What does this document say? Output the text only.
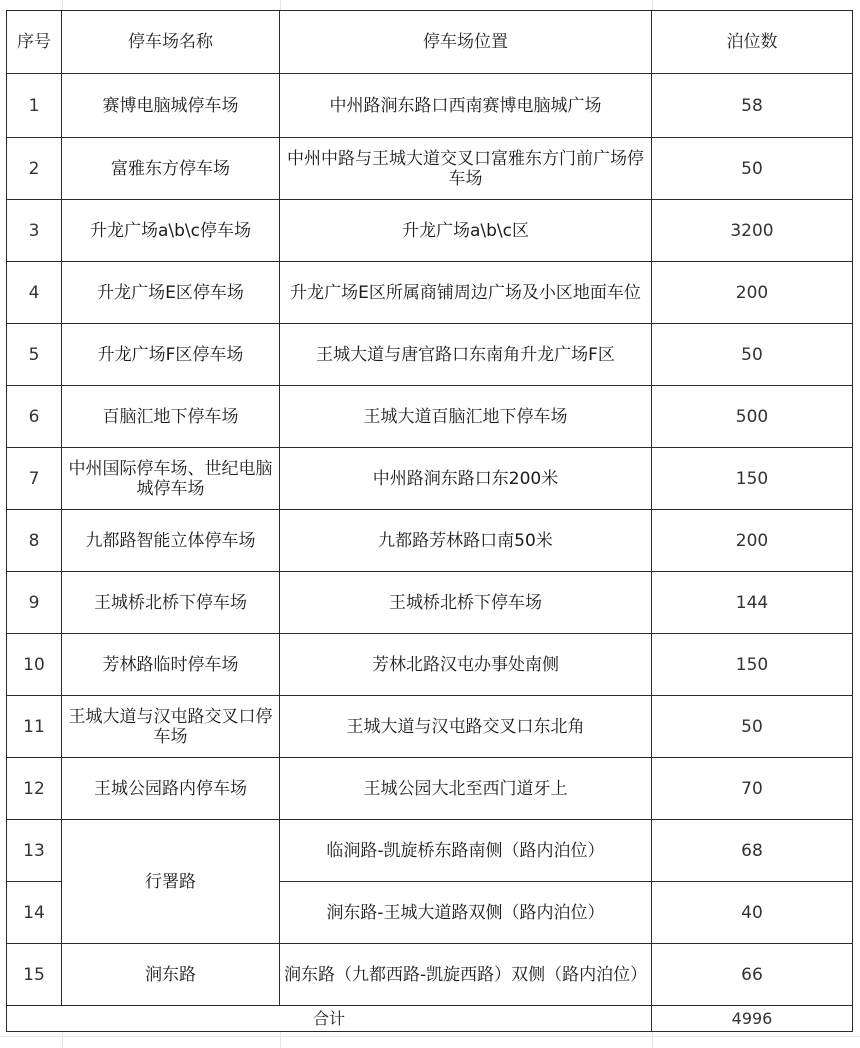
序号	停车场名称	停车场位置	泊位数
1	赛博电脑城停车场	中州路涧东路口西南赛博电脑城广场	58
2	富雅东方停车场	中州中路与王城大道交叉口富雅东方门前广场停车场	50
3	升龙广场a\b\c停车场	升龙广场a\b\c区	3200
4	升龙广场E区停车场	升龙广场E区所属商铺周边广场及小区地面车位	200
5	升龙广场F区停车场	王城大道与唐官路口东南角升龙广场F区	50
6	百脑汇地下停车场	王城大道百脑汇地下停车场	500
7	中州国际停车场、世纪电脑城停车场	中州路涧东路口东200米	150
8	九都路智能立体停车场	九都路芳林路口南50米	200
9	王城桥北桥下停车场	王城桥北桥下停车场	144
10	芳林路临时停车场	芳林北路汉屯办事处南侧	150
11	王城大道与汉屯路交叉口停车场	王城大道与汉屯路交叉口东北角	50
12	王城公园路内停车场	王城公园大北至西门道牙上	70
13	行署路	临涧路-凯旋桥东路南侧（路内泊位）	68
14		涧东路-王城大道路双侧（路内泊位）	40
15	涧东路	涧东路（九都西路-凯旋西路）双侧（路内泊位）	66
合计			4996
